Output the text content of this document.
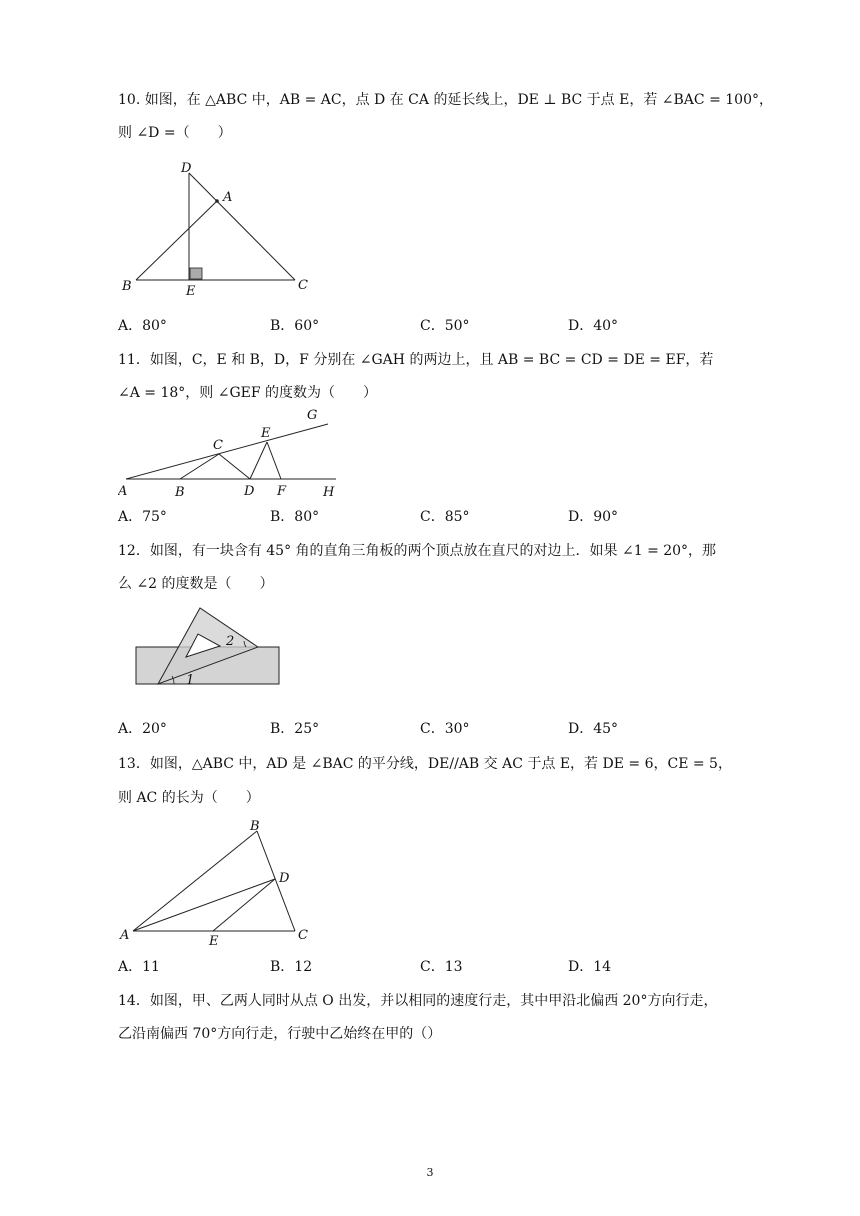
10. 如图，在 △ABC 中，AB = AC，点 D 在 CA 的延长线上，DE ⊥ BC 于点 E，若 ∠BAC = 100°，
则 ∠D =（　　）
D
A
B	E	C
A．80°	B．60°	C．50°	D．40°
11．如图，C，E 和 B，D，F 分别在 ∠GAH 的两边上，且 AB = BC = CD = DE = EF，若
∠A = 18°，则 ∠GEF 的度数为（　　）
G
C
E
A	B	D F	H
A．75°	B．80°	C．85°	D．90°
12．如图，有一块含有 45° 角的直角三角板的两个顶点放在直尺的对边上．如果 ∠1 = 20°，那
么 ∠2 的度数是（　　）
2
1
A．20°	B．25°	C．30°	D．45°
13．如图，△ABC 中，AD 是 ∠BAC 的平分线，DE//AB 交 AC 于点 E，若 DE = 6，CE = 5，
则 AC 的长为（　　）
B
D
A	E	C
A．11	B．12	C．13	D．14
14．如图，甲、乙两人同时从点 O 出发，并以相同的速度行走，其中甲沿北偏西 20°方向行走，
乙沿南偏西 70°方向行走，行驶中乙始终在甲的（）
3
